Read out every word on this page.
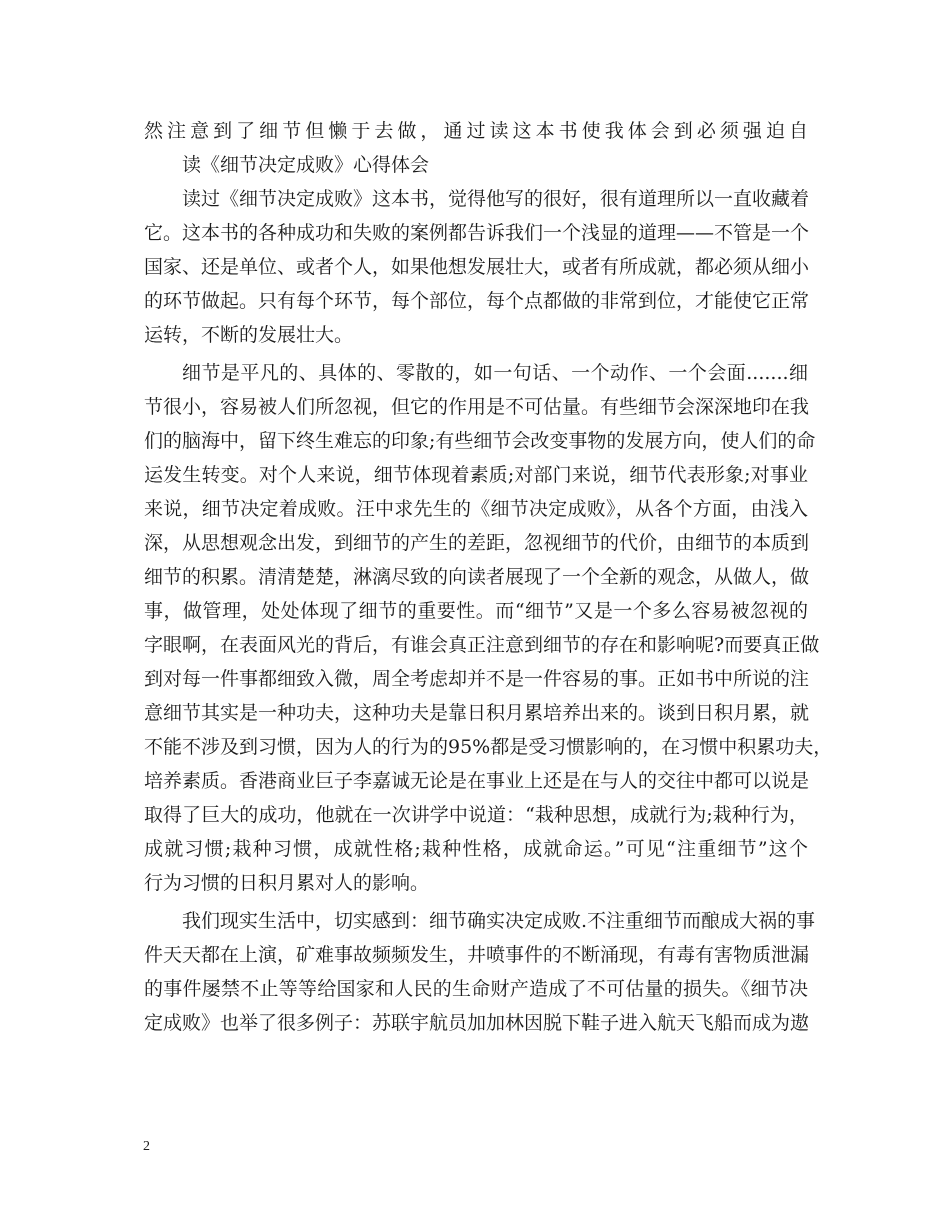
然注意到了细节但懒于去做，通过读这本书使我体会到必须强迫自
读《细节决定成败》心得体会
读过《细节决定成败》这本书，觉得他写的很好，很有道理所以一直收藏着
它。这本书的各种成功和失败的案例都告诉我们一个浅显的道理——不管是一个
国家、还是单位、或者个人，如果他想发展壮大，或者有所成就，都必须从细小
的环节做起。只有每个环节，每个部位，每个点都做的非常到位，才能使它正常
运转，不断的发展壮大。
细节是平凡的、具体的、零散的，如一句话、一个动作、一个会面.......细
节很小，容易被人们所忽视，但它的作用是不可估量。有些细节会深深地印在我
们的脑海中，留下终生难忘的印象;有些细节会改变事物的发展方向，使人们的命
运发生转变。对个人来说，细节体现着素质;对部门来说，细节代表形象;对事业
来说，细节决定着成败。汪中求先生的《细节决定成败》，从各个方面，由浅入
深，从思想观念出发，到细节的产生的差距，忽视细节的代价，由细节的本质到
细节的积累。清清楚楚，淋漓尽致的向读者展现了一个全新的观念，从做人，做
事，做管理，处处体现了细节的重要性。而“细节”又是一个多么容易被忽视的
字眼啊，在表面风光的背后，有谁会真正注意到细节的存在和影响呢?而要真正做
到对每一件事都细致入微，周全考虑却并不是一件容易的事。正如书中所说的注
意细节其实是一种功夫，这种功夫是靠日积月累培养出来的。谈到日积月累，就
不能不涉及到习惯，因为人的行为的95%都是受习惯影响的，在习惯中积累功夫，
培养素质。香港商业巨子李嘉诚无论是在事业上还是在与人的交往中都可以说是
取得了巨大的成功，他就在一次讲学中说道：“栽种思想，成就行为;栽种行为，
成就习惯;栽种习惯，成就性格;栽种性格，成就命运。”可见“注重细节”这个
行为习惯的日积月累对人的影响。
我们现实生活中，切实感到：细节确实决定成败.不注重细节而酿成大祸的事
件天天都在上演，矿难事故频频发生，井喷事件的不断涌现，有毒有害物质泄漏
的事件屡禁不止等等给国家和人民的生命财产造成了不可估量的损失。《细节决
定成败》也举了很多例子：苏联宇航员加加林因脱下鞋子进入航天飞船而成为遨
2
